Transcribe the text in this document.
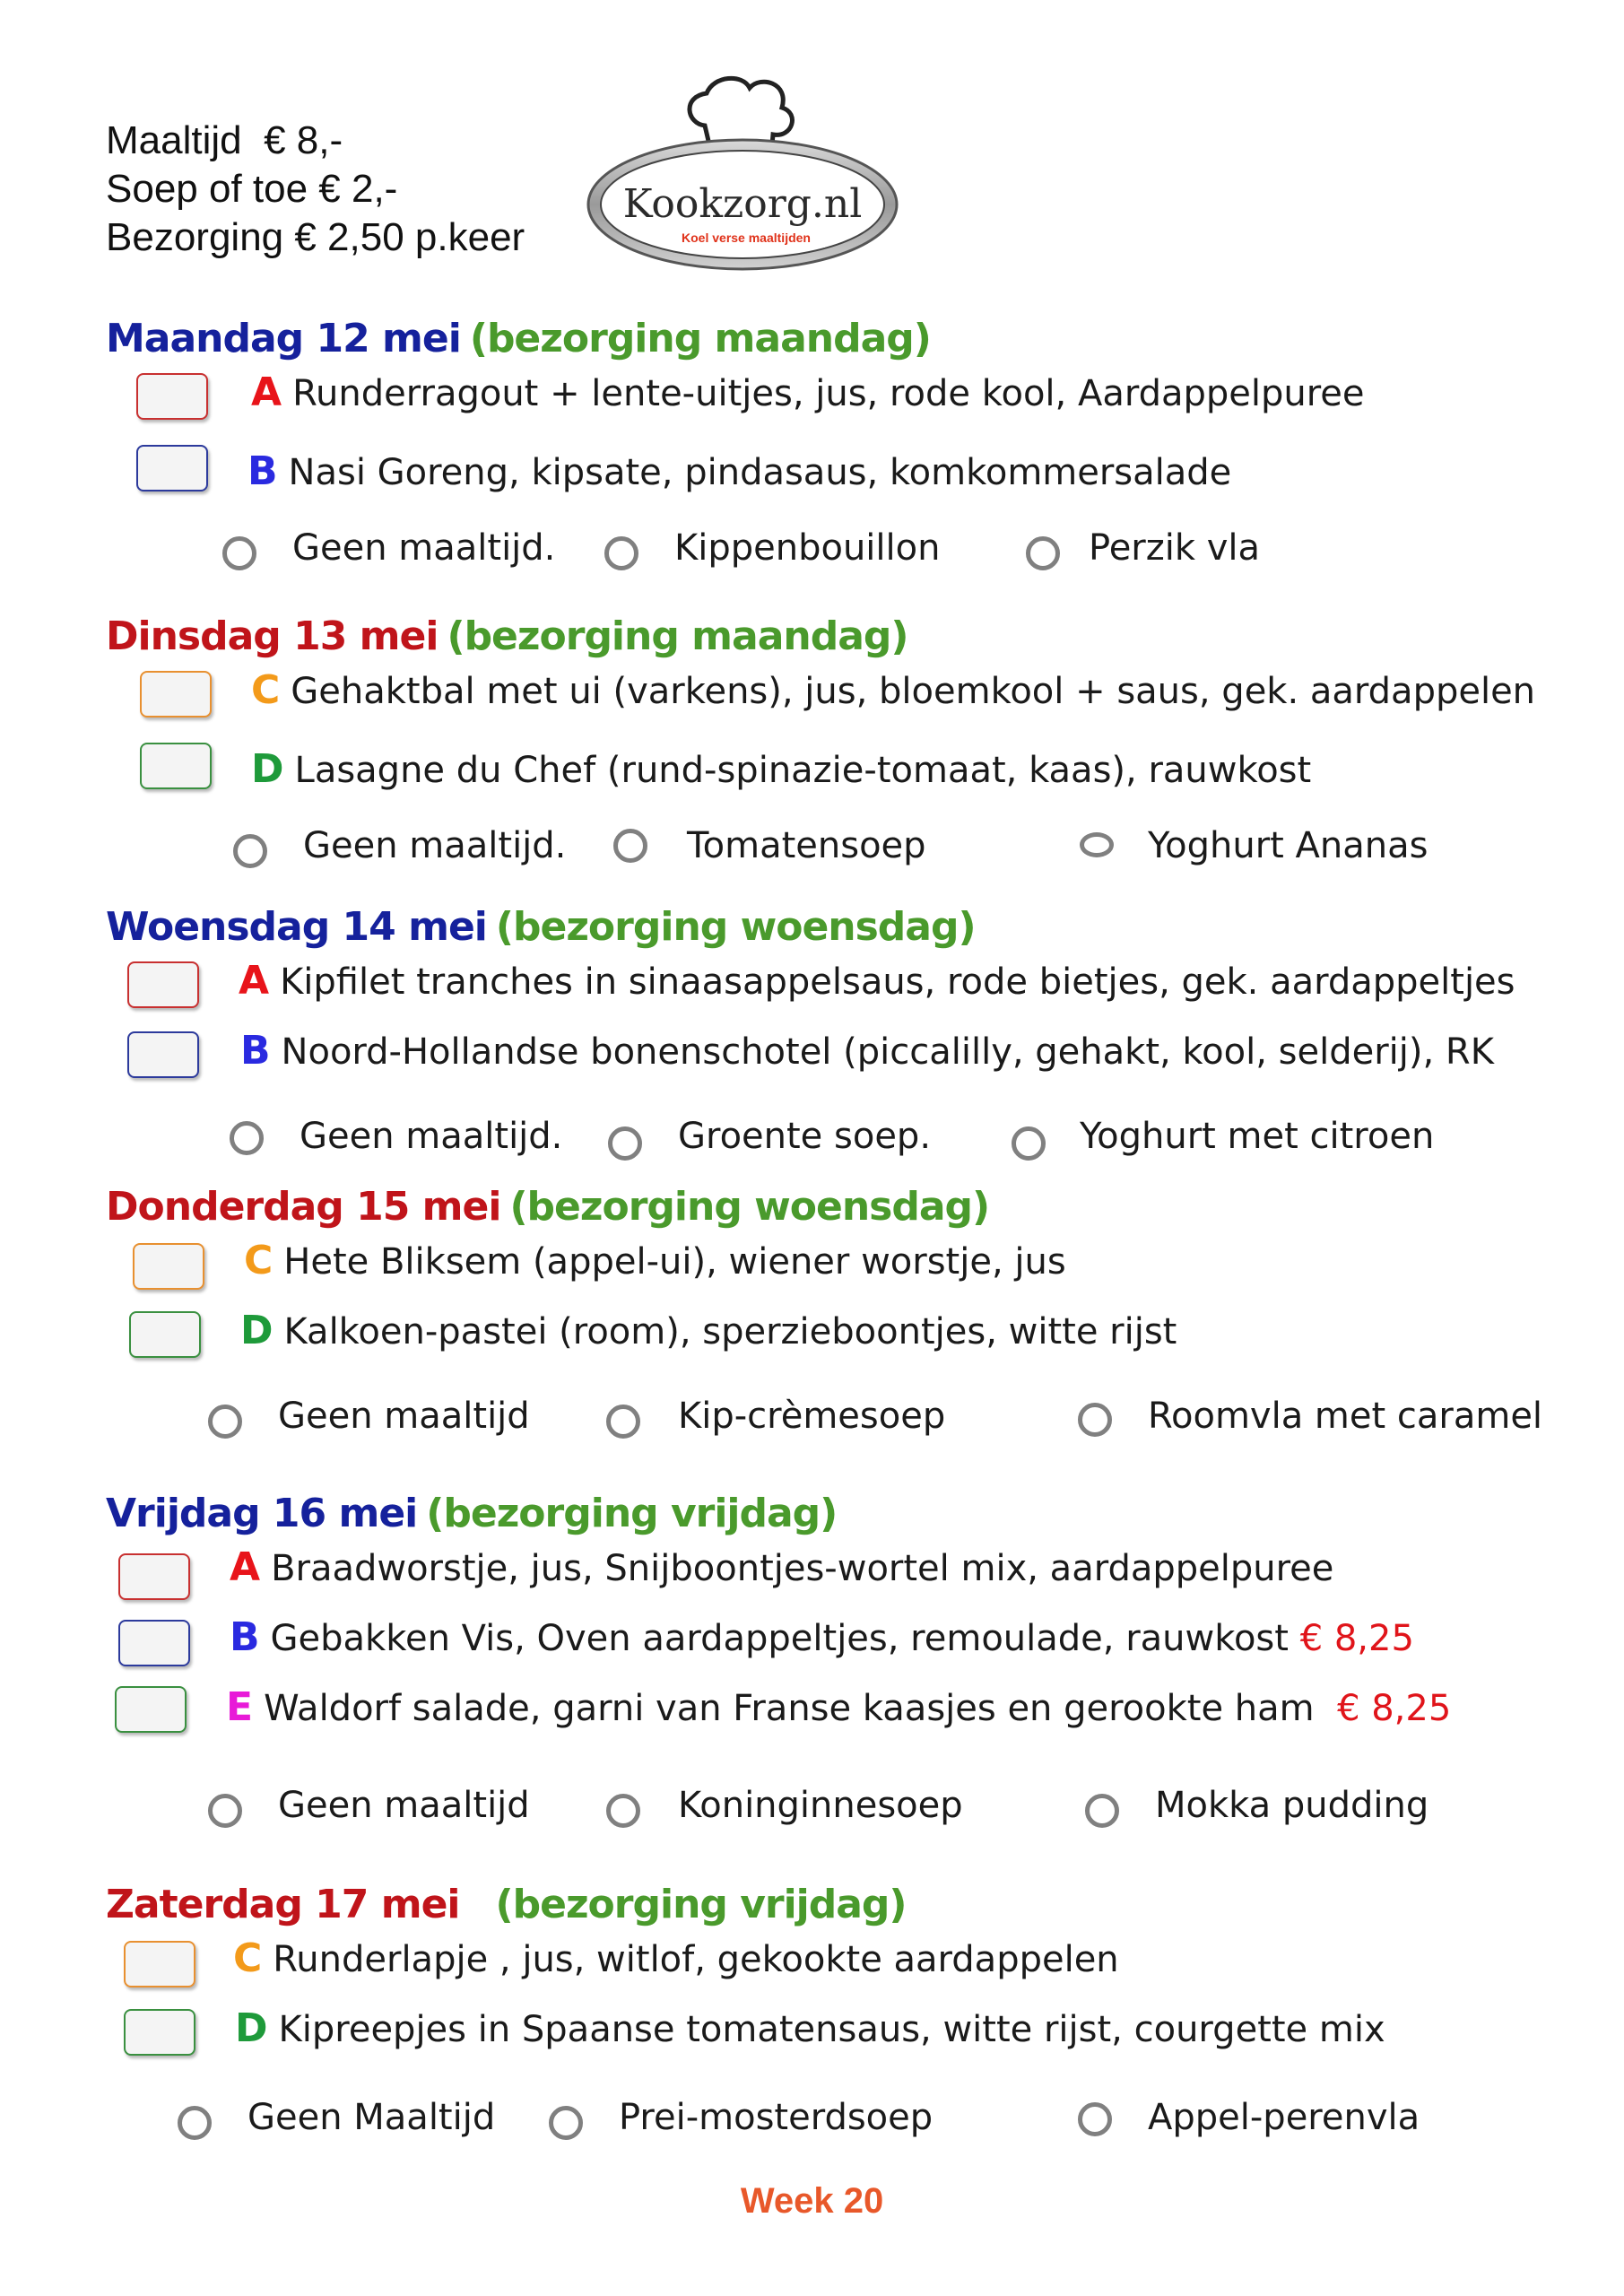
Maaltijd  € 8,-
Soep of toe € 2,-
Bezorging € 2,50 p.keer
Kookzorg.nl
Koel verse maaltijden
Maandag 12 mei (bezorging maandag)
A Runderragout + lente-uitjes, jus, rode kool, Aardappelpuree
B Nasi Goreng, kipsate, pindasaus, komkommersalade
Geen maaltijd.	Kippenbouillon	Perzik vla
Dinsdag 13 mei (bezorging maandag)
C Gehaktbal met ui (varkens), jus, bloemkool + saus, gek. aardappelen
D Lasagne du Chef (rund-spinazie-tomaat, kaas), rauwkost
Geen maaltijd.	Tomatensoep	Yoghurt Ananas
Woensdag 14 mei (bezorging woensdag)
A Kipfilet tranches in sinaasappelsaus, rode bietjes, gek. aardappeltjes
B Noord-Hollandse bonenschotel (piccalilly, gehakt, kool, selderij), RK
Geen maaltijd.	Groente soep.	Yoghurt met citroen
Donderdag 15 mei (bezorging woensdag)
C Hete Bliksem (appel-ui), wiener worstje, jus
D Kalkoen-pastei (room), sperzieboontjes, witte rijst
Geen maaltijd	Kip-crèmesoep	Roomvla met caramel
Vrijdag 16 mei (bezorging vrijdag)
A Braadworstje, jus, Snijboontjes-wortel mix, aardappelpuree
B Gebakken Vis, Oven aardappeltjes, remoulade, rauwkost € 8,25
E Waldorf salade, garni van Franse kaasjes en gerookte ham € 8,25
Geen maaltijd	Koninginnesoep	Mokka pudding
Zaterdag 17 mei (bezorging vrijdag)
C Runderlapje , jus, witlof, gekookte aardappelen
D Kipreepjes in Spaanse tomatensaus, witte rijst, courgette mix
Geen Maaltijd	Prei-mosterdsoep	Appel-perenvla
Week 20
